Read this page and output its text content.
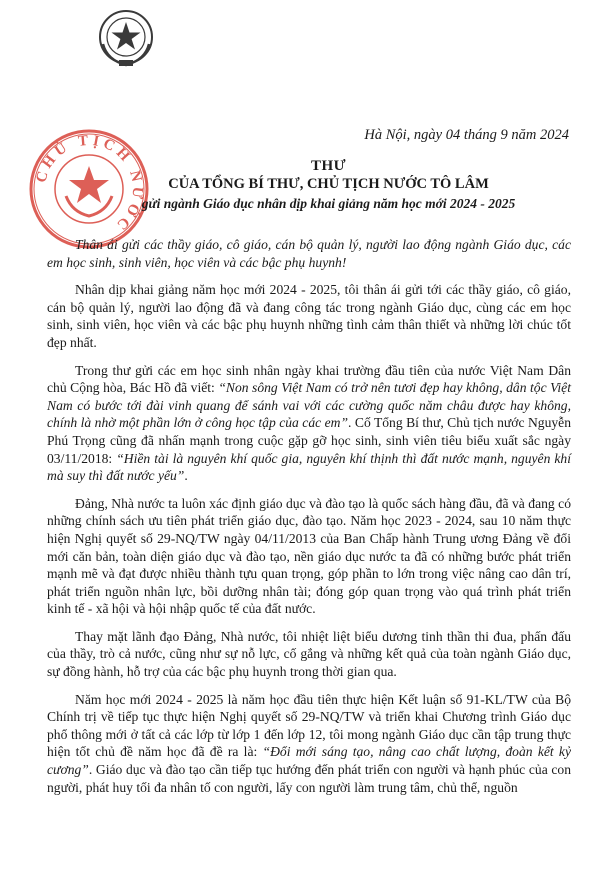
CHỦ TỊCH NƯỚC
Hà Nội, ngày 04 tháng 9 năm 2024
THƯ
CỦA TỔNG BÍ THƯ, CHỦ TỊCH NƯỚC TÔ LÂM
gửi ngành Giáo dục nhân dịp khai giảng năm học mới 2024 - 2025

Thân ái gửi các thầy giáo, cô giáo, cán bộ quản lý, người lao động ngành Giáo dục, các em học sinh, sinh viên, học viên và các bậc phụ huynh!

Nhân dịp khai giảng năm học mới 2024 - 2025, tôi thân ái gửi tới các thầy giáo, cô giáo, cán bộ quản lý, người lao động đã và đang công tác trong ngành Giáo dục, cùng các em học sinh, sinh viên, học viên và các bậc phụ huynh những tình cảm thân thiết và những lời chúc tốt đẹp nhất.

Trong thư gửi các em học sinh nhân ngày khai trường đầu tiên của nước Việt Nam Dân chủ Cộng hòa, Bác Hồ đã viết: “Non sông Việt Nam có trở nên tươi đẹp hay không, dân tộc Việt Nam có bước tới đài vinh quang để sánh vai với các cường quốc năm châu được hay không, chính là nhờ một phần lớn ở công học tập của các em”. Cố Tổng Bí thư, Chủ tịch nước Nguyễn Phú Trọng cũng đã nhấn mạnh trong cuộc gặp gỡ học sinh, sinh viên tiêu biểu xuất sắc ngày 03/11/2018: “Hiền tài là nguyên khí quốc gia, nguyên khí thịnh thì đất nước mạnh, nguyên khí mà suy thì đất nước yếu”.

Đảng, Nhà nước ta luôn xác định giáo dục và đào tạo là quốc sách hàng đầu, đã và đang có những chính sách ưu tiên phát triển giáo dục, đào tạo. Năm học 2023 - 2024, sau 10 năm thực hiện Nghị quyết số 29-NQ/TW ngày 04/11/2013 của Ban Chấp hành Trung ương Đảng về đổi mới căn bản, toàn diện giáo dục và đào tạo, nền giáo dục nước ta đã có những bước phát triển mạnh mẽ và đạt được nhiều thành tựu quan trọng, góp phần to lớn trong việc nâng cao dân trí, phát triển nguồn nhân lực, bồi dưỡng nhân tài; đóng góp quan trọng vào quá trình phát triển kinh tế - xã hội và hội nhập quốc tế của đất nước.

Thay mặt lãnh đạo Đảng, Nhà nước, tôi nhiệt liệt biểu dương tinh thần thi đua, phấn đấu của thầy, trò cả nước, cũng như sự nỗ lực, cố gắng và những kết quả của toàn ngành Giáo dục, sự đồng hành, hỗ trợ của các bậc phụ huynh trong thời gian qua.

Năm học mới 2024 - 2025 là năm học đầu tiên thực hiện Kết luận số 91-KL/TW của Bộ Chính trị về tiếp tục thực hiện Nghị quyết số 29-NQ/TW và triển khai Chương trình Giáo dục phổ thông mới ở tất cả các lớp từ lớp 1 đến lớp 12, tôi mong ngành Giáo dục cần tập trung thực hiện tốt chủ đề năm học đã đề ra là: “Đổi mới sáng tạo, nâng cao chất lượng, đoàn kết kỷ cương”. Giáo dục và đào tạo cần tiếp tục hướng đến phát triển con người và hạnh phúc của con người, phát huy tối đa nhân tố con người, lấy con người làm trung tâm, chủ thể, nguồn
